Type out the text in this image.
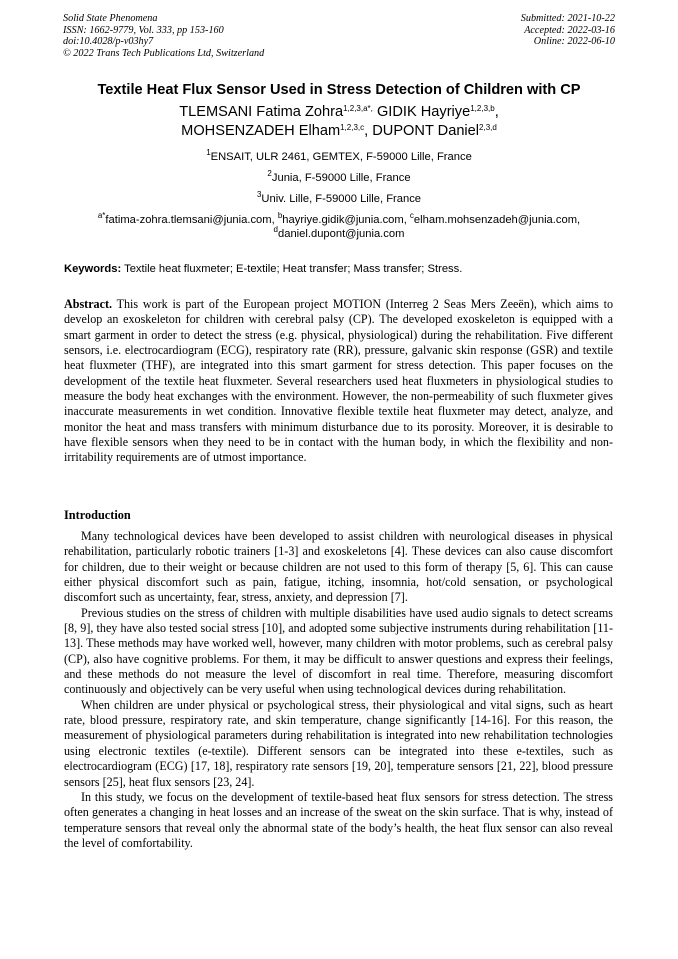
Solid State Phenomena
ISSN: 1662-9779, Vol. 333, pp 153-160
doi:10.4028/p-v03hy7
© 2022 Trans Tech Publications Ltd, Switzerland
Submitted: 2021-10-22
Accepted: 2022-03-16
Online: 2022-06-10
Textile Heat Flux Sensor Used in Stress Detection of Children with CP
TLEMSANI Fatima Zohra$^{1,2,3,a*,}$ GIDIK Hayriye$^{1,2,3,b}$,
MOHSENZADEH Elham$^{1,2,3,c}$, DUPONT Daniel$^{2,3,d}$
$^1$ENSAIT, ULR 2461, GEMTEX, F-59000 Lille, France
$^2$Junia, F-59000 Lille, France
$^3$Univ. Lille, F-59000 Lille, France
$^{a*}$fatima-zohra.tlemsani@junia.com, $^b$hayriye.gidik@junia.com, $^c$elham.mohsenzadeh@junia.com,
$^d$daniel.dupont@junia.com
Keywords: Textile heat fluxmeter; E-textile; Heat transfer; Mass transfer; Stress.
Abstract. This work is part of the European project MOTION (Interreg 2 Seas Mers Zeeën), which aims to develop an exoskeleton for children with cerebral palsy (CP). The developed exoskeleton is equipped with a smart garment in order to detect the stress (e.g. physical, physiological) during the rehabilitation. Five different sensors, i.e. electrocardiogram (ECG), respiratory rate (RR), pressure, galvanic skin response (GSR) and textile heat fluxmeter (THF), are integrated into this smart garment for stress detection. This paper focuses on the development of the textile heat fluxmeter. Several researchers used heat fluxmeters in physiological studies to measure the body heat exchanges with the environment. However, the non-permeability of such fluxmeter gives inaccurate measurements in wet condition. Innovative flexible textile heat fluxmeter may detect, analyze, and monitor the heat and mass transfers with minimum disturbance due to its porosity. Moreover, it is desirable to have flexible sensors when they need to be in contact with the human body, in which the flexibility and non-irritability requirements are of utmost importance.
Introduction

Many technological devices have been developed to assist children with neurological diseases in physical rehabilitation, particularly robotic trainers [1-3] and exoskeletons [4]. These devices can also cause discomfort for children, due to their weight or because children are not used to this form of therapy [5, 6]. This can cause either physical discomfort such as pain, fatigue, itching, insomnia, hot/cold sensation, or psychological discomfort such as uncertainty, fear, stress, anxiety, and depression [7].

Previous studies on the stress of children with multiple disabilities have used audio signals to detect screams [8, 9], they have also tested social stress [10], and adopted some subjective instruments during rehabilitation [11-13]. These methods may have worked well, however, many children with motor problems, such as cerebral palsy (CP), also have cognitive problems. For them, it may be difficult to answer questions and express their feelings, and these methods do not measure the level of discomfort in real time. Therefore, measuring discomfort continuously and objectively can be very useful when using technological devices during rehabilitation.

When children are under physical or psychological stress, their physiological and vital signs, such as heart rate, blood pressure, respiratory rate, and skin temperature, change significantly [14-16]. For this reason, the measurement of physiological parameters during rehabilitation is integrated into new rehabilitation technologies using electronic textiles (e-textile). Different sensors can be integrated into these e-textiles, such as electrocardiogram (ECG) [17, 18], respiratory rate sensors [19, 20], temperature sensors [21, 22], blood pressure sensors [25], heat flux sensors [23, 24].

In this study, we focus on the development of textile-based heat flux sensors for stress detection. The stress often generates a changing in heat losses and an increase of the sweat on the skin surface. That is why, instead of temperature sensors that reveal only the abnormal state of the body’s health, the heat flux sensor can also reveal the level of comfortability.
